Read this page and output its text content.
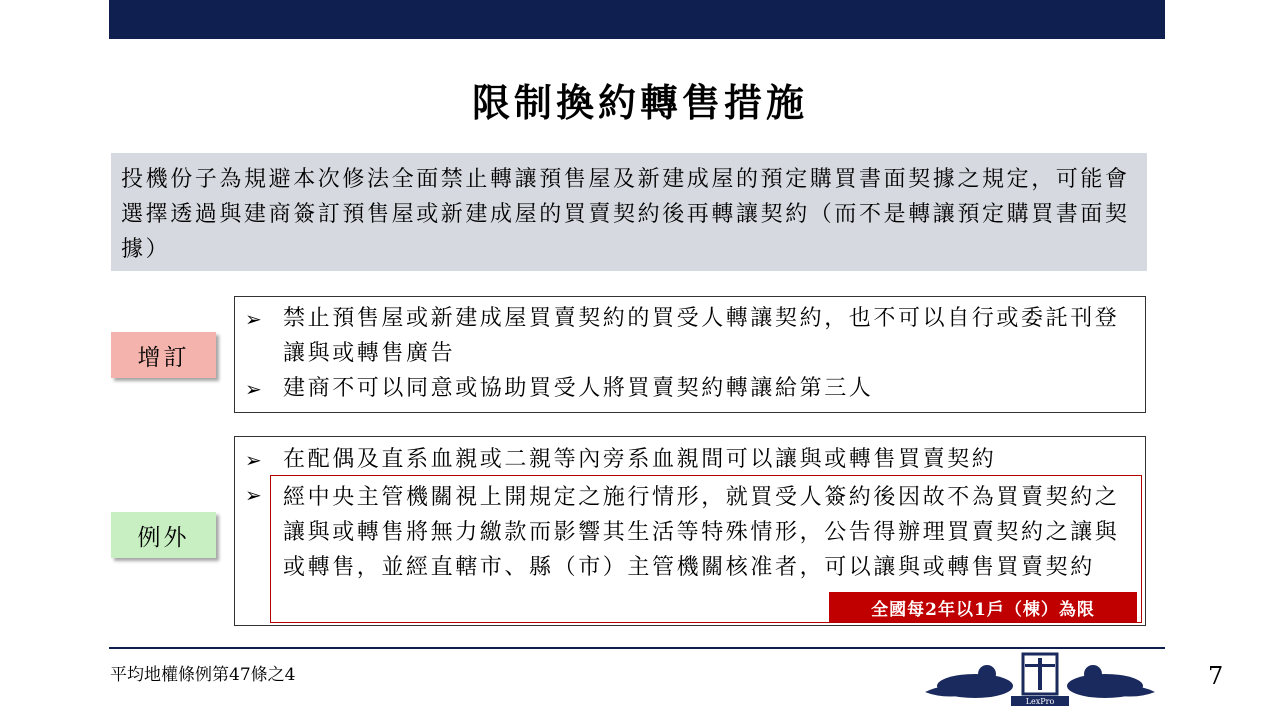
限制換約轉售措施
投機份子為規避本次修法全面禁止轉讓預售屋及新建成屋的預定購買書面契據之規定，可能會選擇透過與建商簽訂預售屋或新建成屋的買賣契約後再轉讓契約（而不是轉讓預定購買書面契據）
增訂
➢ 禁止預售屋或新建成屋買賣契約的買受人轉讓契約，也不可以自行或委託刊登讓與或轉售廣告
➢ 建商不可以同意或協助買受人將買賣契約轉讓給第三人
例外
➢ 在配偶及直系血親或二親等內旁系血親間可以讓與或轉售買賣契約
➢ 經中央主管機關視上開規定之施行情形，就買受人簽約後因故不為買賣契約之讓與或轉售將無力繳款而影響其生活等特殊情形，公告得辦理買賣契約之讓與或轉售，並經直轄市、縣（市）主管機關核准者，可以讓與或轉售買賣契約
全國每2年以1戶（棟）為限
平均地權條例第47條之4
LexPro
7
